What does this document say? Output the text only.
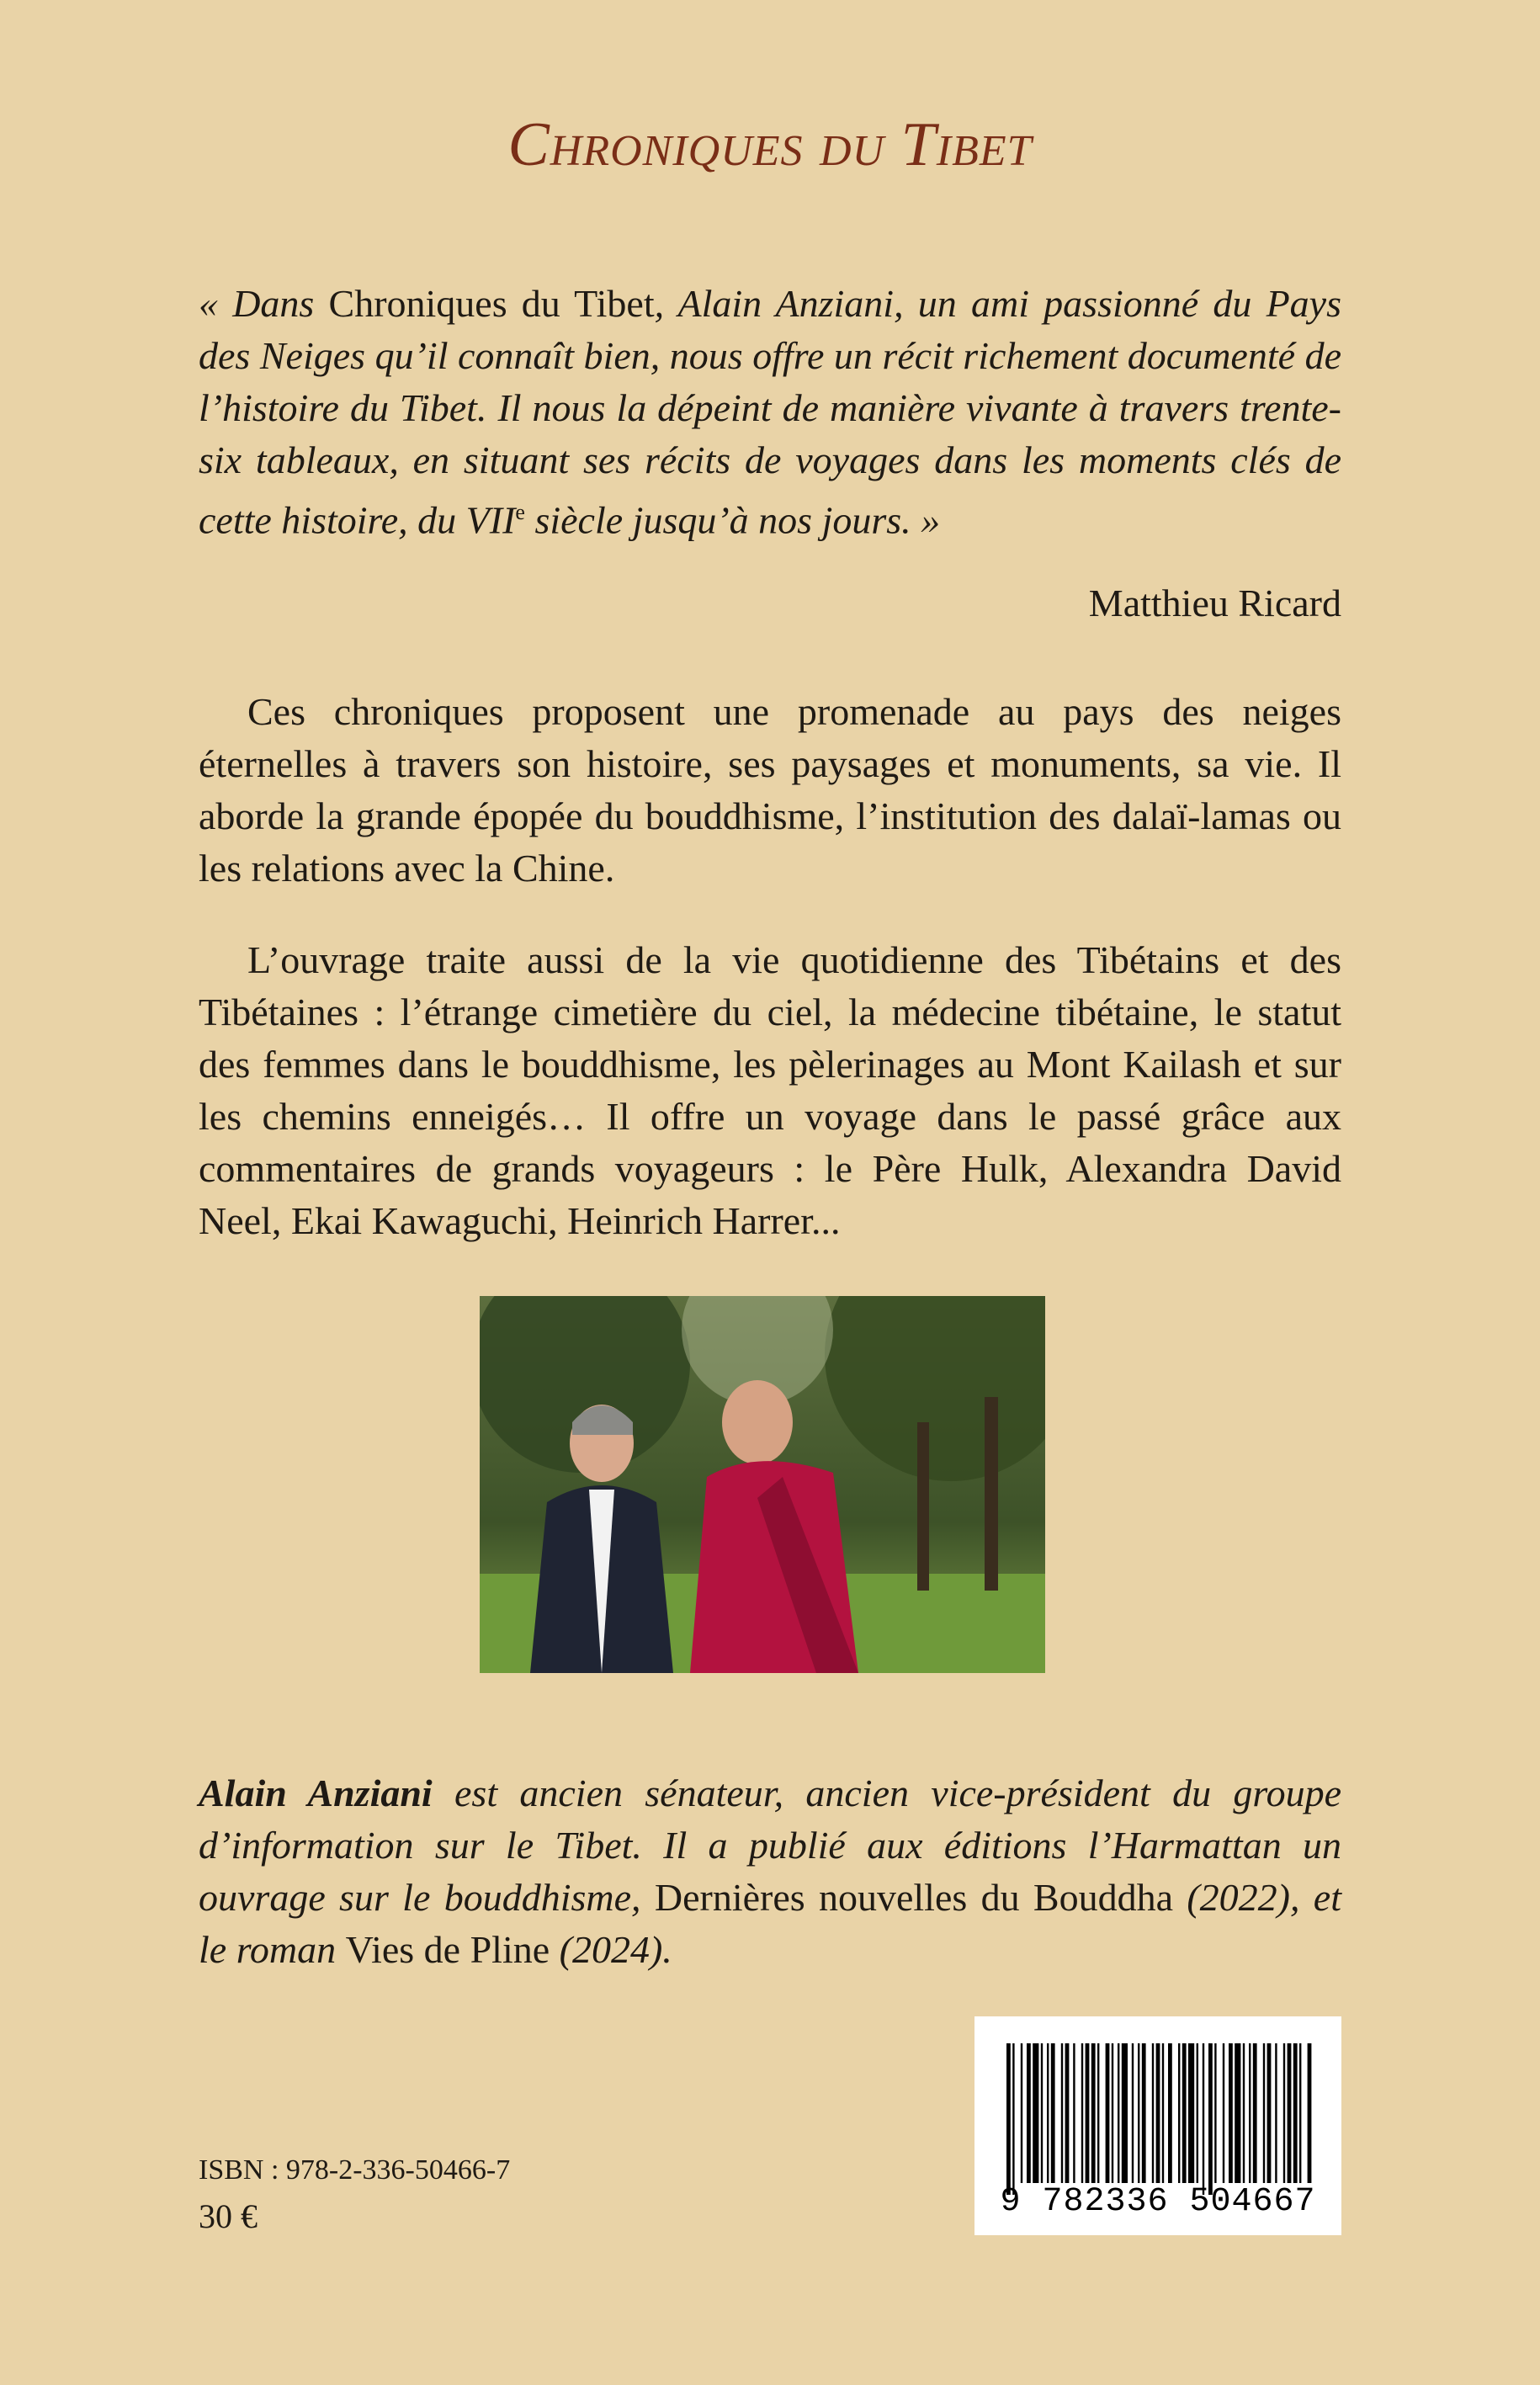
Chroniques du Tibet
« Dans Chroniques du Tibet, Alain Anziani, un ami passionné du Pays des Neiges qu’il connaît bien, nous offre un récit richement documenté de l’histoire du Tibet. Il nous la dépeint de manière vivante à travers trente-six tableaux, en situant ses récits de voyages dans les moments clés de cette histoire, du VIIe siècle jusqu’à nos jours. »
Matthieu Ricard
Ces chroniques proposent une promenade au pays des neiges éternelles à travers son histoire, ses paysages et monuments, sa vie. Il aborde la grande épopée du bouddhisme, l’institution des dalaï-lamas ou les relations avec la Chine.
L’ouvrage traite aussi de la vie quotidienne des Tibétains et des Tibétaines : l’étrange cimetière du ciel, la médecine tibétaine, le statut des femmes dans le bouddhisme, les pèlerinages au Mont Kailash et sur les chemins enneigés… Il offre un voyage dans le passé grâce aux commentaires de grands voyageurs : le Père Hulk, Alexandra David Neel, Ekai Kawaguchi, Heinrich Harrer...
Alain Anziani est ancien sénateur, ancien vice-président du groupe d’information sur le Tibet. Il a publié aux éditions l’Harmattan un ouvrage sur le bouddhisme, Dernières nouvelles du Bouddha (2022), et le roman Vies de Pline (2024).
ISBN : 978-2-336-50466-7
30 €	9 782336 504667
